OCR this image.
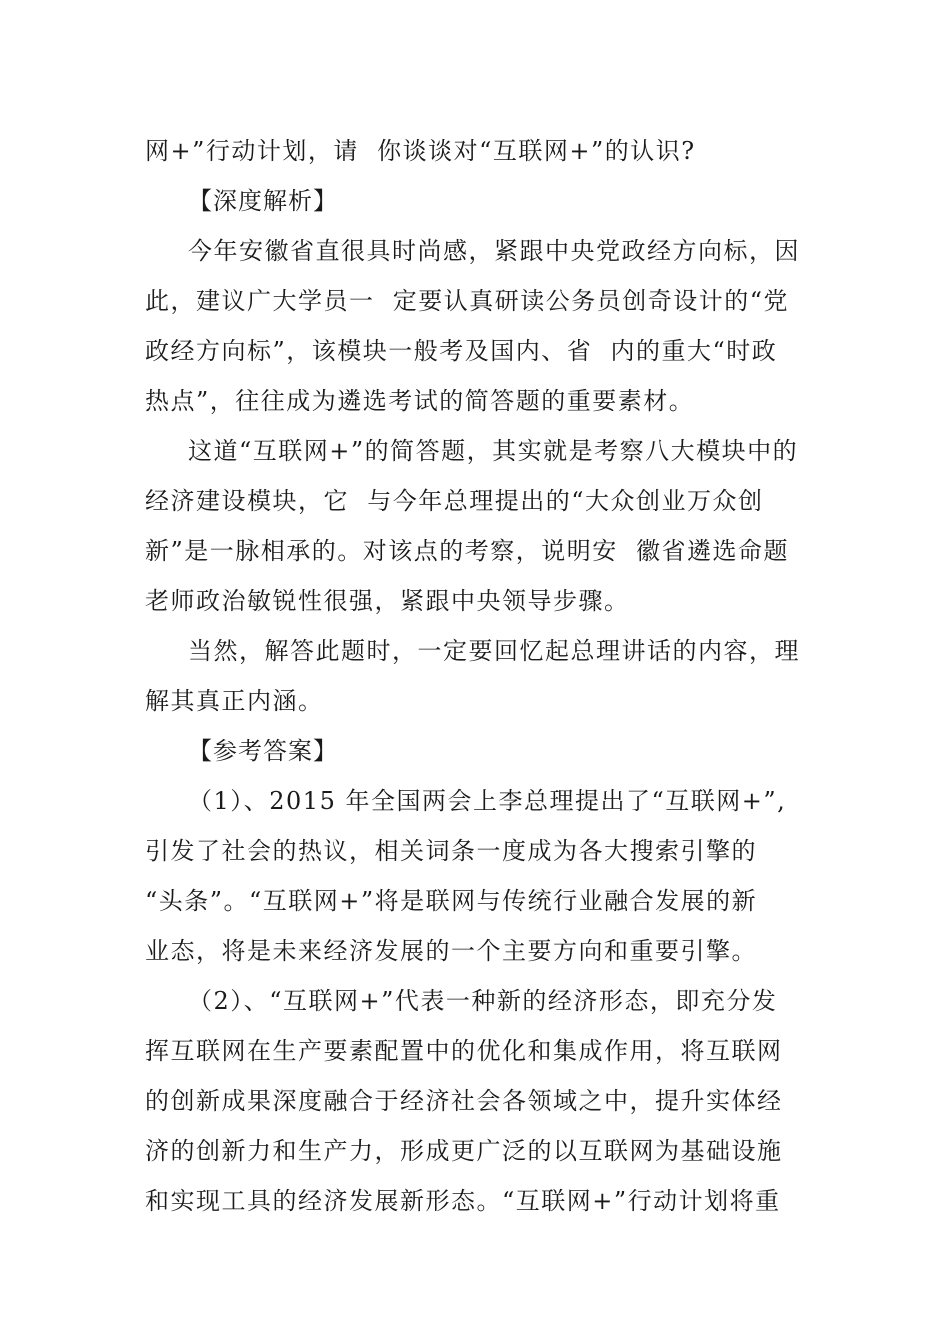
网+”行动计划，请  你谈谈对“互联网+”的认识?
【深度解析】
今年安徽省直很具时尚感，紧跟中央党政经方向标，因
此，建议广大学员一  定要认真研读公务员创奇设计的“党
政经方向标”，该模块一般考及国内、省  内的重大“时政
热点”，往往成为遴选考试的简答题的重要素材。
这道“互联网+”的简答题，其实就是考察八大模块中的
经济建设模块，它  与今年总理提出的“大众创业万众创
新”是一脉相承的。对该点的考察，说明安  徽省遴选命题
老师政治敏锐性很强，紧跟中央领导步骤。
当然，解答此题时，一定要回忆起总理讲话的内容，理
解其真正内涵。
【参考答案】
（1）、2015 年全国两会上李总理提出了“互联网+”,
引发了社会的热议，相关词条一度成为各大搜索引擎的
“头条”。“互联网+”将是联网与传统行业融合发展的新
业态，将是未来经济发展的一个主要方向和重要引擎。
（2）、“互联网+”代表一种新的经济形态，即充分发
挥互联网在生产要素配置中的优化和集成作用，将互联网
的创新成果深度融合于经济社会各领域之中，提升实体经
济的创新力和生产力，形成更广泛的以互联网为基础设施
和实现工具的经济发展新形态。“互联网+”行动计划将重
